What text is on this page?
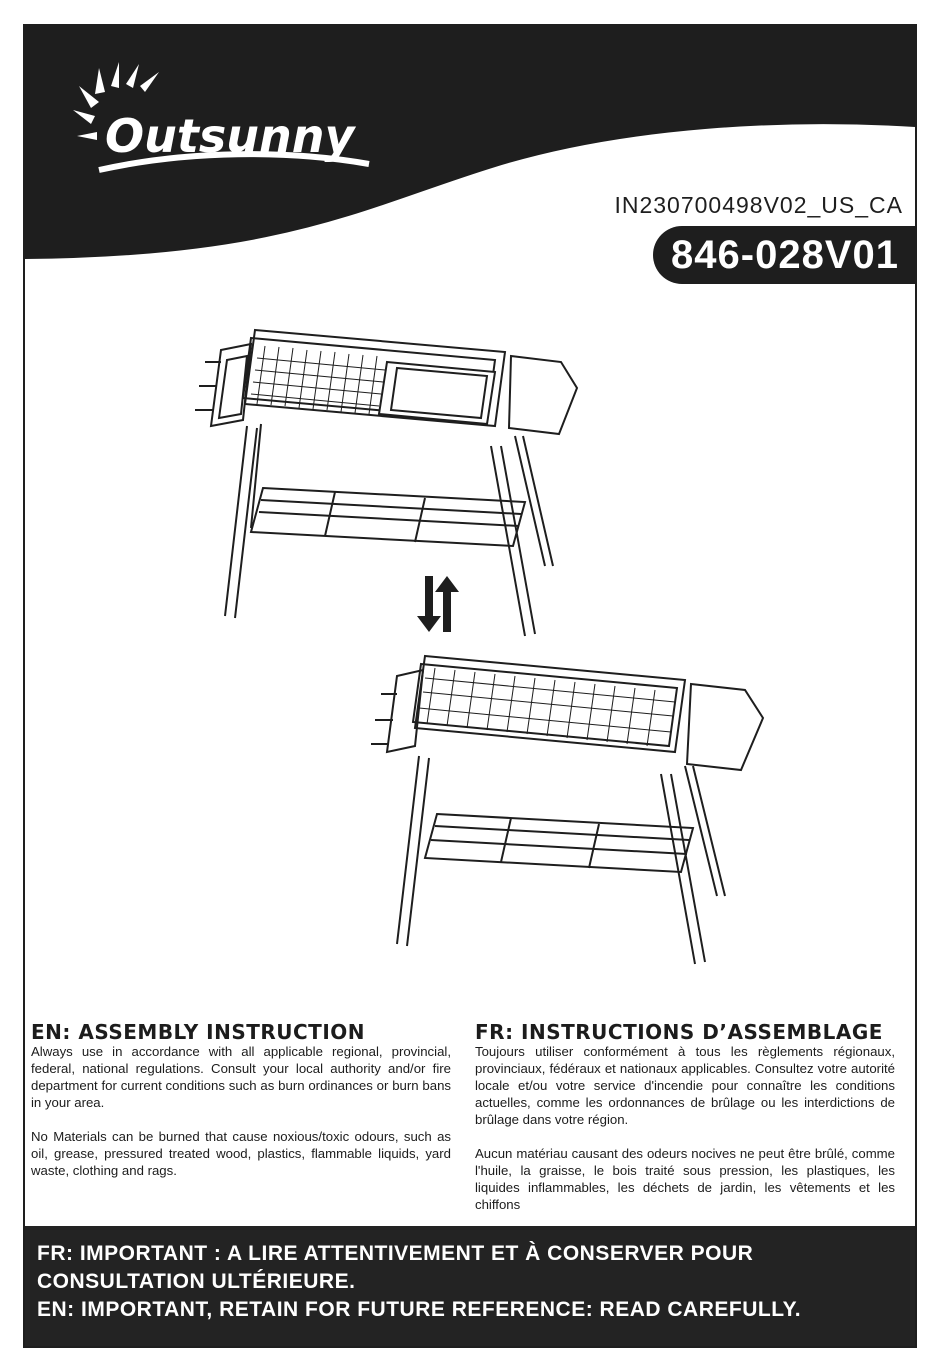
Outsunny
IN230700498V02_US_CA
846-028V01
EN: ASSEMBLY INSTRUCTION

Always use in accordance with all applicable regional, provincial, federal, national regulations. Consult your local authority and/or fire department for current conditions such as burn ordinances or burn bans in your area.

No Materials can be burned that cause noxious/toxic odours, such as oil, grease, pressured treated wood, plastics, flammable liquids, yard waste, clothing and rags.

FR: INSTRUCTIONS D’ASSEMBLAGE

Toujours utiliser conformément à tous les règlements régionaux, provinciaux, fédéraux et nationaux applicables. Consultez votre autorité locale et/ou votre service d'incendie pour connaître les conditions actuelles, comme les ordonnances de brûlage ou les interdictions de brûlage dans votre région.

Aucun matériau causant des odeurs nocives ne peut être brûlé, comme l'huile, la graisse, le bois traité sous pression, les plastiques, les liquides inflammables, les déchets de jardin, les vêtements et les chiffons

FR: IMPORTANT : A LIRE ATTENTIVEMENT ET À CONSERVER POUR
CONSULTATION ULTÉRIEURE.
EN: IMPORTANT, RETAIN FOR FUTURE REFERENCE: READ CAREFULLY.
